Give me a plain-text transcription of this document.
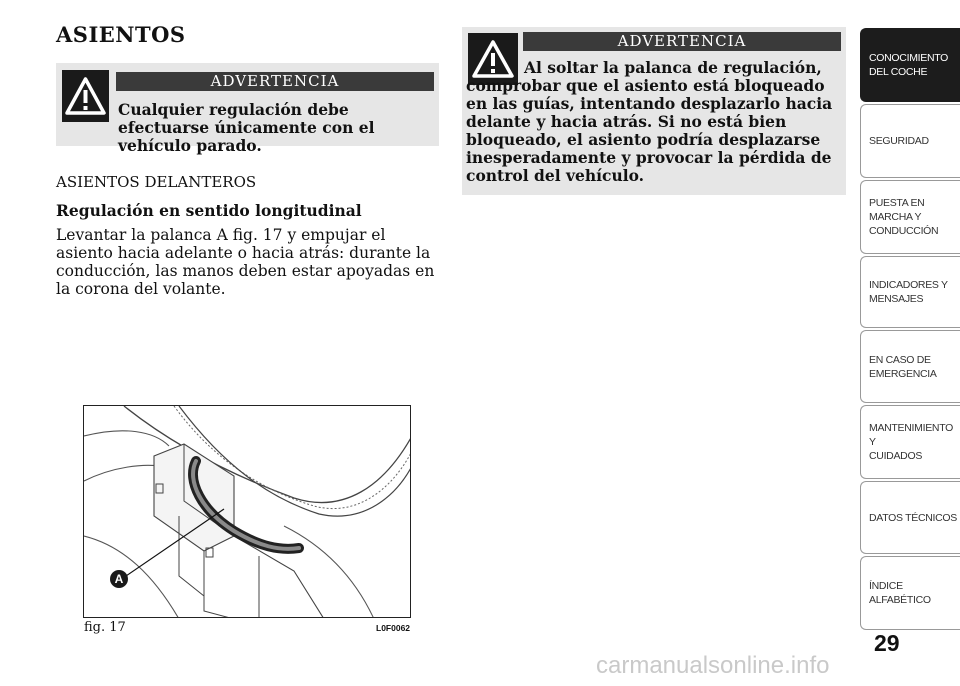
ASIENTOS
ADVERTENCIA
Cualquier regulación debe efectuarse únicamente con el vehículo parado.
ASIENTOS DELANTEROS
Regulación en sentido longitudinal
Levantar la palanca A fig. 17 y empujar el asiento hacia adelante o hacia atrás: durante la conducción, las manos deben estar apoyadas en la corona del volante.
ADVERTENCIA
Al soltar la palanca de regulación, comprobar que el asiento está bloqueado en las guías, intentando desplazarlo hacia delante y hacia atrás. Si no está bien bloqueado, el asiento podría desplazarse inesperadamente y provocar la pérdida de control del vehículo.
A
fig. 17	L0F0062
CONOCIMIENTO
DEL COCHE
SEGURIDAD
PUESTA EN
MARCHA Y
CONDUCCIÓN
INDICADORES Y
MENSAJES
EN CASO DE
EMERGENCIA
MANTENIMIENTO Y
CUIDADOS
DATOS TÉCNICOS
ÍNDICE
ALFABÉTICO
29
carmanualsonline.info
